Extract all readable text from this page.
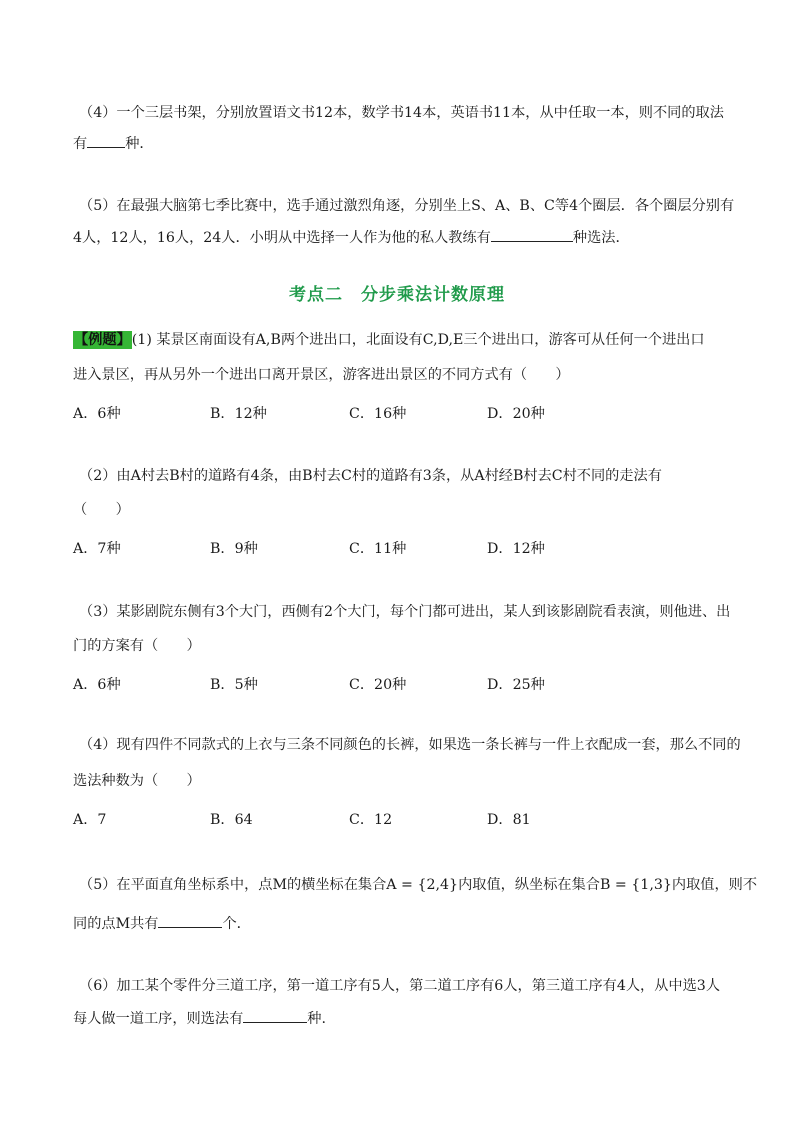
（4）一个三层书架，分别放置语文书12本，数学书14本，英语书11本，从中任取一本，则不同的取法
有	种．
（5）在最强大脑第七季比赛中，选手通过激烈角逐，分别坐上S、A、B、C等4个圈层．各个圈层分别有
4人，12人，16人，24人．小明从中选择一人作为他的私人教练有	种选法．
考点二　分步乘法计数原理
【例题】(1) 某景区南面设有A,B两个进出口，北面设有C,D,E三个进出口，游客可从任何一个进出口
进入景区，再从另外一个进出口离开景区，游客进出景区的不同方式有（　　）
A．6种	B．12种	C．16种	D．20种
（2）由A村去B村的道路有4条，由B村去C村的道路有3条，从A村经B村去C村不同的走法有
（　　）
A．7种	B．9种	C．11种	D．12种
（3）某影剧院东侧有3个大门，西侧有2个大门，每个门都可进出，某人到该影剧院看表演，则他进、出
门的方案有（　　）
A．6种	B．5种	C．20种	D．25种
（4）现有四件不同款式的上衣与三条不同颜色的长裤，如果选一条长裤与一件上衣配成一套，那么不同的
选法种数为（　　）
A．7	B．64	C．12	D．81
（5）在平面直角坐标系中，点M的横坐标在集合A = {2,4}内取值，纵坐标在集合B = {1,3}内取值，则不
同的点M共有	个．
（6）加工某个零件分三道工序，第一道工序有5人，第二道工序有6人，第三道工序有4人，从中选3人
每人做一道工序，则选法有	种.
